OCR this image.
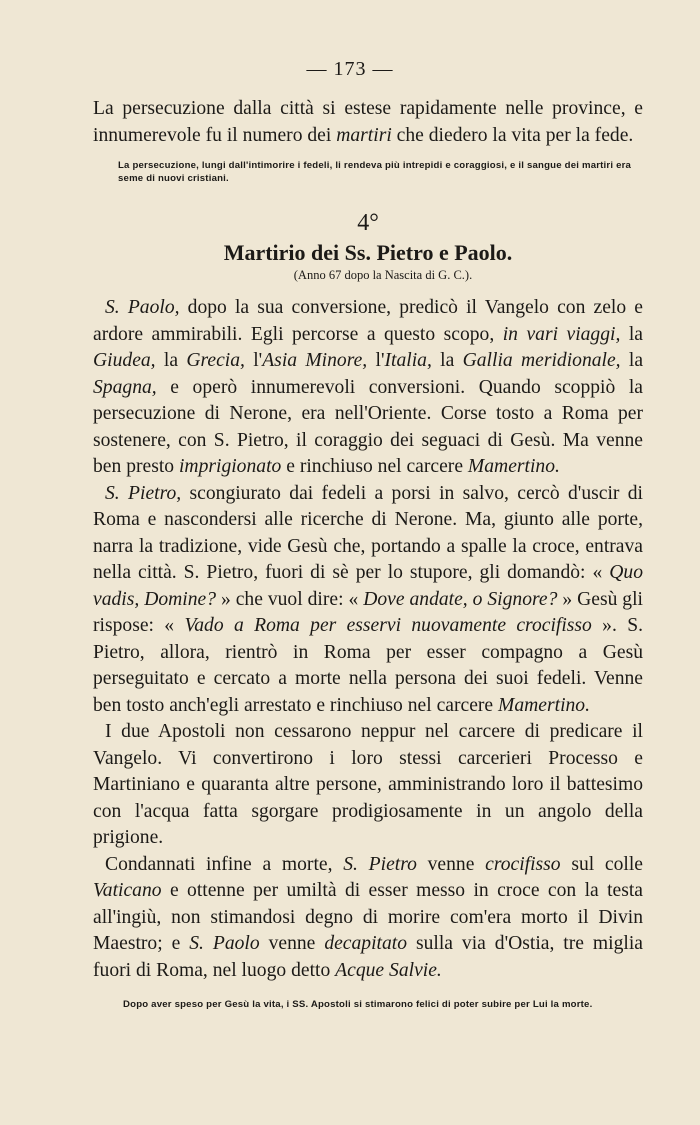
— 173 —

La persecuzione dalla città si estese rapidamente nelle province, e innumerevole fu il numero dei martiri che diedero la vita per la fede.

La persecuzione, lungi dall'intimorire i fedeli, li rendeva più intrepidi e coraggiosi, e il sangue dei martiri era seme di nuovi cristiani.
4°
Martirio dei Ss. Pietro e Paolo.
(Anno 67 dopo la Nascita di G. C.).

S. Paolo, dopo la sua conversione, predicò il Vangelo con zelo e ardore ammirabili. Egli percorse a questo scopo, in vari viaggi, la Giudea, la Grecia, l'Asia Minore, l'Italia, la Gallia meridionale, la Spagna, e operò innumerevoli conversioni. Quando scoppiò la persecuzione di Nerone, era nell'Oriente. Corse tosto a Roma per sostenere, con S. Pietro, il coraggio dei seguaci di Gesù. Ma venne ben presto imprigionato e rinchiuso nel carcere Mamertino.

S. Pietro, scongiurato dai fedeli a porsi in salvo, cercò d'uscir di Roma e nascondersi alle ricerche di Nerone. Ma, giunto alle porte, narra la tradizione, vide Gesù che, portando a spalle la croce, entrava nella città. S. Pietro, fuori di sè per lo stupore, gli domandò: « Quo vadis, Domine? » che vuol dire: « Dove andate, o Signore? » Gesù gli rispose: « Vado a Roma per esservi nuovamente crocifisso ». S. Pietro, allora, rientrò in Roma per esser compagno a Gesù perseguitato e cercato a morte nella persona dei suoi fedeli. Venne ben tosto anch'egli arrestato e rinchiuso nel carcere Mamertino.

I due Apostoli non cessarono neppur nel carcere di predicare il Vangelo. Vi convertirono i loro stessi carcerieri Processo e Martiniano e quaranta altre persone, amministrando loro il battesimo con l'acqua fatta sgorgare prodigiosamente in un angolo della prigione.

Condannati infine a morte, S. Pietro venne crocifisso sul colle Vaticano e ottenne per umiltà di esser messo in croce con la testa all'ingiù, non stimandosi degno di morire com'era morto il Divin Maestro; e S. Paolo venne decapitato sulla via d'Ostia, tre miglia fuori di Roma, nel luogo detto Acque Salvie.

Dopo aver speso per Gesù la vita, i SS. Apostoli si stimarono felici di poter subire per Lui la morte.
